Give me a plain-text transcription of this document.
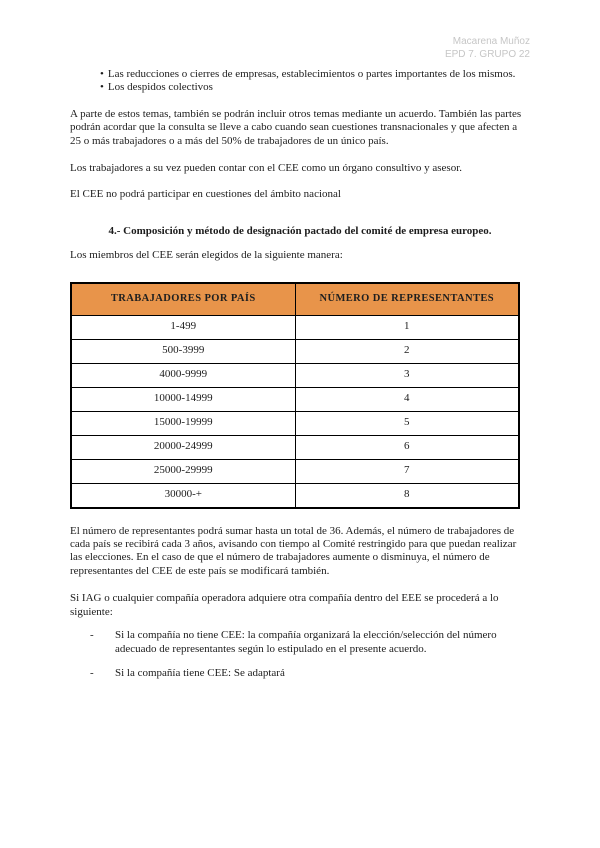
Macarena Muñoz
EPD 7. GRUPO 22

• Las reducciones o cierres de empresas, establecimientos o partes importantes de los mismos.

• Los despidos colectivos

A parte de estos temas, también se podrán incluir otros temas mediante un acuerdo. También las partes podrán acordar que la consulta se lleve a cabo cuando sean cuestiones transnacionales y que afecten a 25 o más trabajadores o a más del 50% de trabajadores de un único país.

Los trabajadores a su vez pueden contar con el CEE como un órgano consultivo y asesor.

El CEE no podrá participar en cuestiones del ámbito nacional

4.- Composición y método de designación pactado del comité de empresa europeo.

Los miembros del CEE serán elegidos de la siguiente manera:

TRABAJADORES POR PAÍS	NÚMERO DE REPRESENTANTES
1-499	1
500-3999	2
4000-9999	3
10000-14999	4
15000-19999	5
20000-24999	6
25000-29999	7
30000-+	8

El número de representantes podrá sumar hasta un total de 36. Además, el número de trabajadores de cada país se recibirá cada 3 años, avisando con tiempo al Comité restringido para que puedan realizar las elecciones. En el caso de que el número de trabajadores aumente o disminuya, el número de representantes del CEE de este país se modificará también.

Si IAG o cualquier compañía operadora adquiere otra compañía dentro del EEE se procederá a lo siguiente:

-	Si la compañía no tiene CEE: la compañía organizará la elección/selección del número adecuado de representantes según lo estipulado en el presente acuerdo.
-	Si la compañía tiene CEE: Se adaptará
